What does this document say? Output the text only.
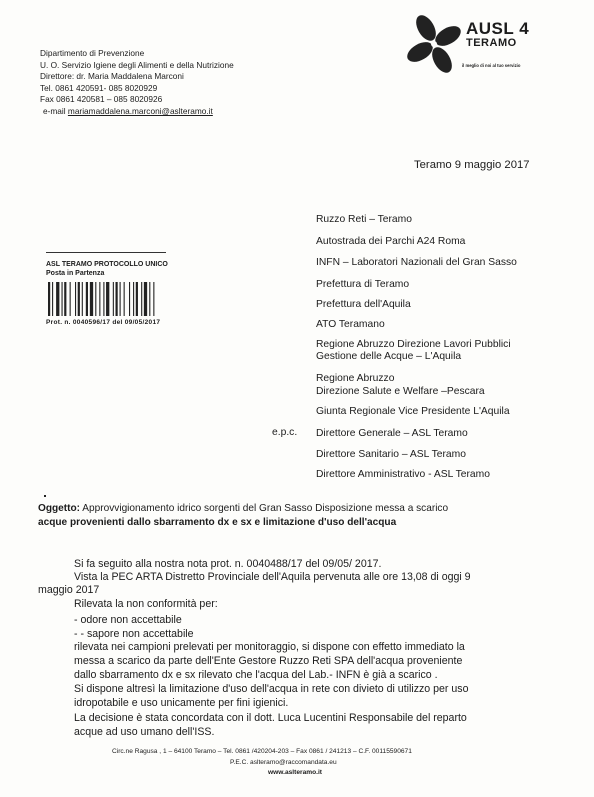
Dipartimento di Prevenzione
U. O. Servizio Igiene degli Alimenti e della Nutrizione
Direttore: dr. Maria Maddalena Marconi
Tel. 0861 420591- 085 8020929
Fax 0861 420581 – 085 8020926
e-mail mariamaddalena.marconi@aslteramo.it
AUSL 4
TERAMO
il meglio di noi al tuo servizio
Teramo 9 maggio 2017
Ruzzo Reti – Teramo
Autostrada dei Parchi A24 Roma
INFN – Laboratori Nazionali del Gran Sasso
Prefettura di Teramo
Prefettura dell'Aquila
ATO Teramano
Regione Abruzzo Direzione Lavori Pubblici
Gestione delle Acque – L'Aquila
Regione Abruzzo
Direzione Salute e Welfare –Pescara
Giunta Regionale Vice Presidente L'Aquila
e.p.c. Direttore Generale – ASL Teramo
Direttore Sanitario – ASL Teramo
Direttore Amministrativo - ASL Teramo
ASL TERAMO PROTOCOLLO UNICO
Posta in Partenza
Prot. n. 0040596/17 del 09/05/2017
Oggetto: Approvvigionamento idrico sorgenti del Gran Sasso Disposizione messa a scarico
acque provenienti dallo sbarramento dx e sx e limitazione d'uso dell'acqua
Si fa seguito alla nostra nota prot. n. 0040488/17 del 09/05/ 2017.
Vista la PEC ARTA Distretto Provinciale dell'Aquila pervenuta alle ore 13,08 di oggi 9
maggio 2017
Rilevata la non conformità per:
- odore non accettabile
- - sapore non accettabile
rilevata nei campioni prelevati per monitoraggio, si dispone con effetto immediato la
messa a scarico da parte dell'Ente Gestore Ruzzo Reti SPA dell'acqua proveniente
dallo sbarramento dx e sx rilevato che l'acqua del Lab.- INFN è già a scarico .
Si dispone altresì la limitazione d'uso dell'acqua in rete con divieto di utilizzo per uso
idropotabile e uso unicamente per fini igienici.
La decisione è stata concordata con il dott. Luca Lucentini Responsabile del reparto
acque ad uso umano dell'ISS.
Circ.ne Ragusa , 1 – 64100 Teramo – Tel. 0861 /420204-203 – Fax 0861 / 241213 – C.F. 00115590671
P.E.C. aslteramo@raccomandata.eu
www.aslteramo.it
